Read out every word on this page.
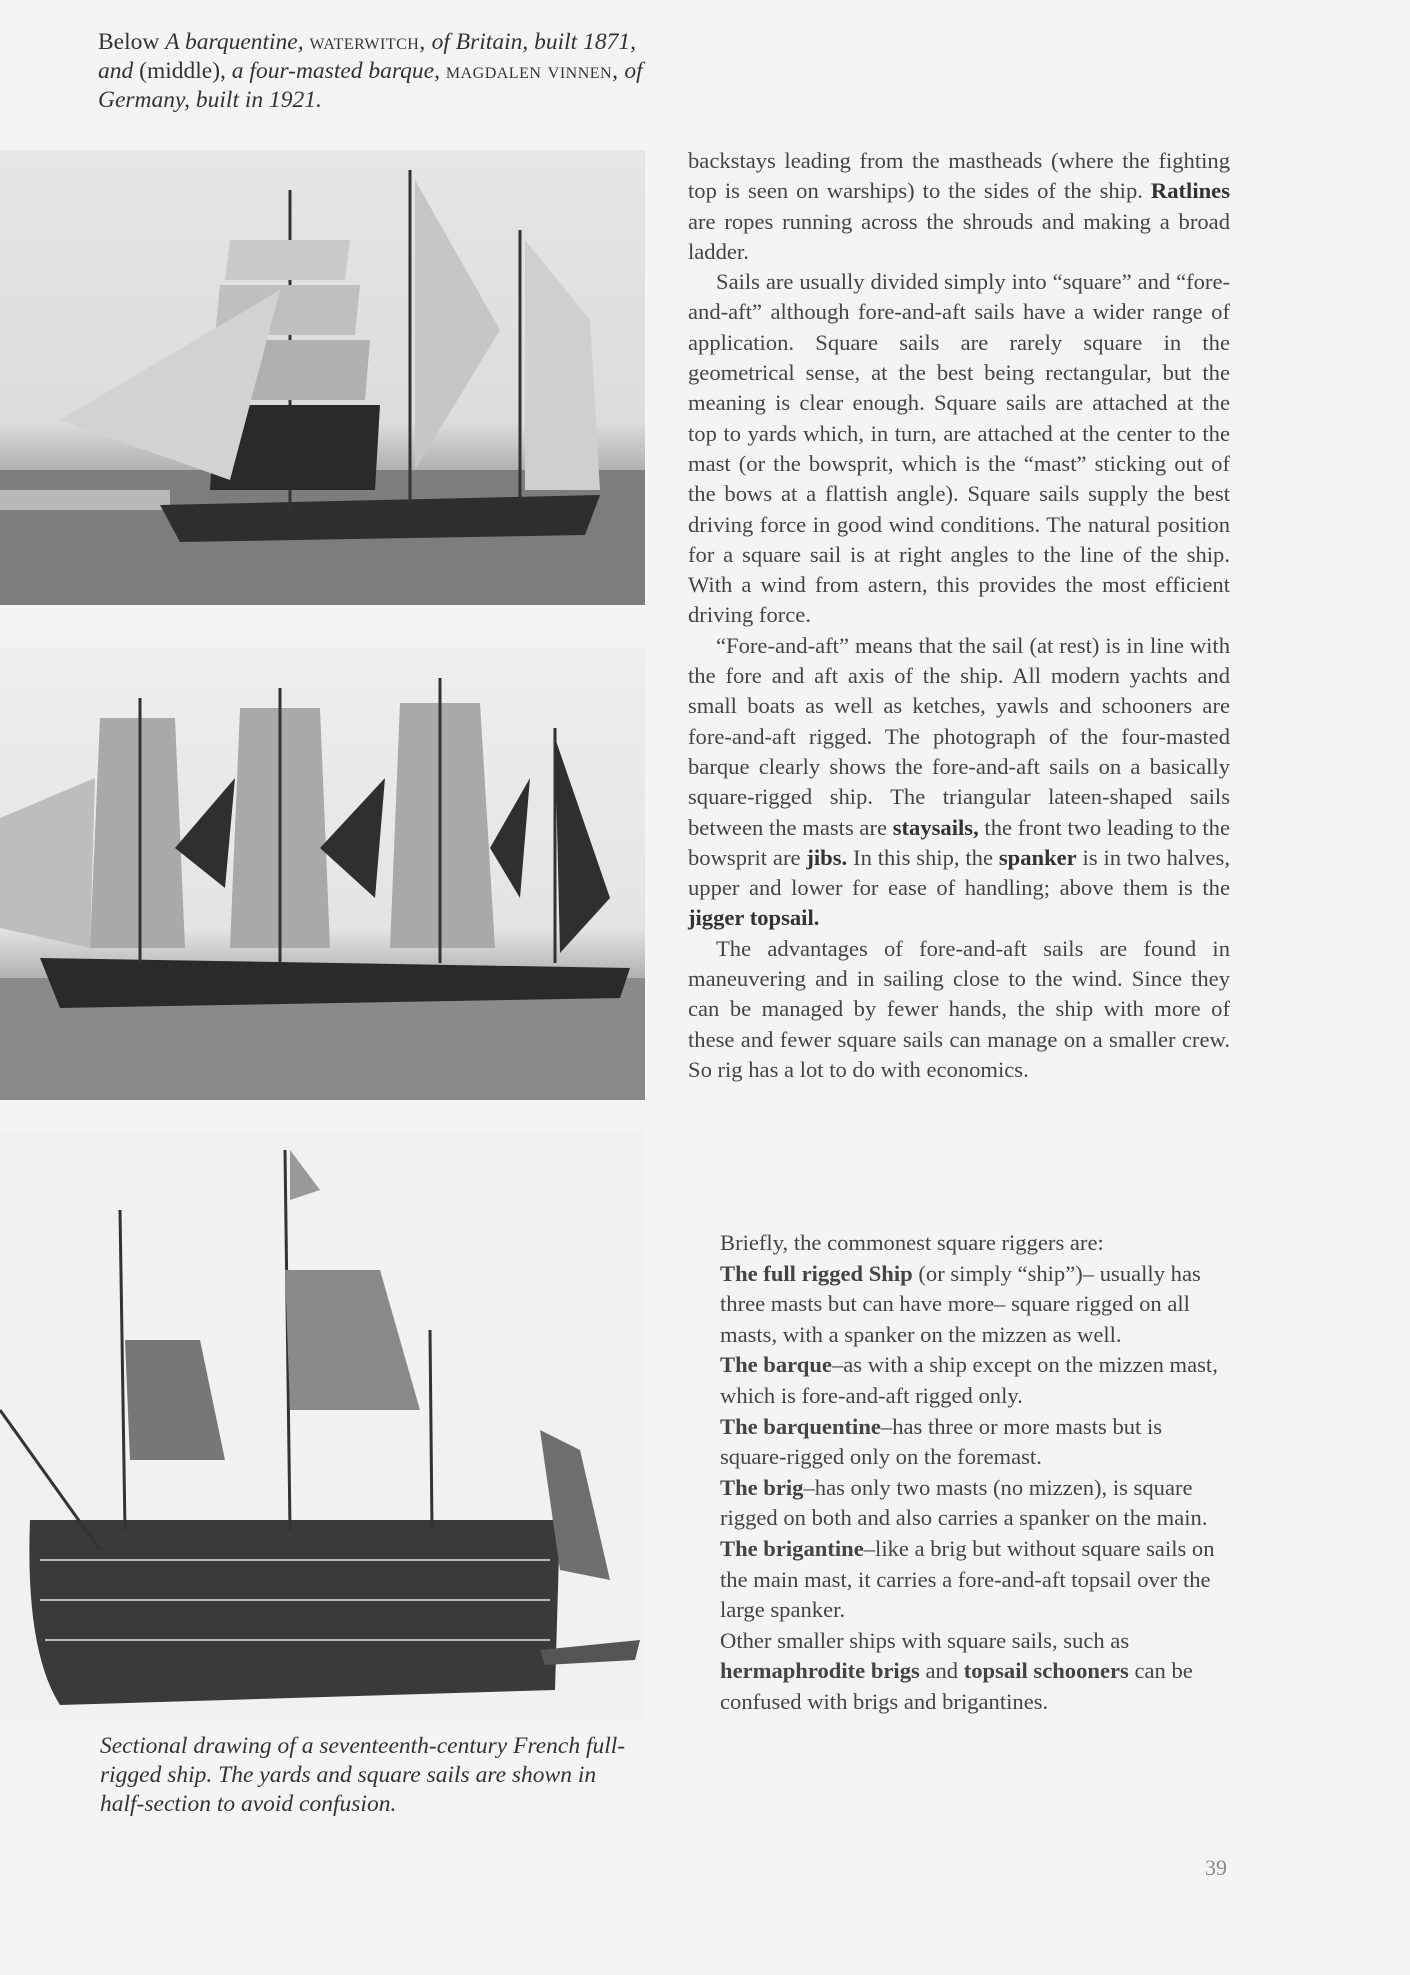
Below A barquentine, waterwitch, of Britain, built 1871, and (middle), a four-masted barque, magdalen vinnen, of Germany, built in 1921.
Sectional drawing of a seventeenth-century French full-rigged ship. The yards and square sails are shown in half-section to avoid confusion.

backstays leading from the mastheads (where the fighting top is seen on warships) to the sides of the ship. Ratlines are ropes running across the shrouds and making a broad ladder.

Sails are usually divided simply into “square” and “fore-and-aft” although fore-and-aft sails have a wider range of application. Square sails are rarely square in the geometrical sense, at the best being rectangular, but the meaning is clear enough. Square sails are attached at the top to yards which, in turn, are attached at the center to the mast (or the bowsprit, which is the “mast” sticking out of the bows at a flattish angle). Square sails supply the best driving force in good wind conditions. The natural position for a square sail is at right angles to the line of the ship. With a wind from astern, this provides the most efficient driving force.

“Fore-and-aft” means that the sail (at rest) is in line with the fore and aft axis of the ship. All modern yachts and small boats as well as ketches, yawls and schooners are fore-and-aft rigged. The photograph of the four-masted barque clearly shows the fore-and-aft sails on a basically square-rigged ship. The triangular lateen-shaped sails between the masts are staysails, the front two leading to the bowsprit are jibs. In this ship, the spanker is in two halves, upper and lower for ease of handling; above them is the jigger topsail.

The advantages of fore-and-aft sails are found in maneuvering and in sailing close to the wind. Since they can be managed by fewer hands, the ship with more of these and fewer square sails can manage on a smaller crew. So rig has a lot to do with economics.

Briefly, the commonest square riggers are:

The full rigged Ship (or simply “ship”)– usually has three masts but can have more– square rigged on all masts, with a spanker on the mizzen as well.

The barque–as with a ship except on the mizzen mast, which is fore-and-aft rigged only.

The barquentine–has three or more masts but is square-rigged only on the foremast.

The brig–has only two masts (no mizzen), is square rigged on both and also carries a spanker on the main.

The brigantine–like a brig but without square sails on the main mast, it carries a fore-and-aft topsail over the large spanker.

Other smaller ships with square sails, such as hermaphrodite brigs and topsail schooners can be confused with brigs and brigantines.

39
